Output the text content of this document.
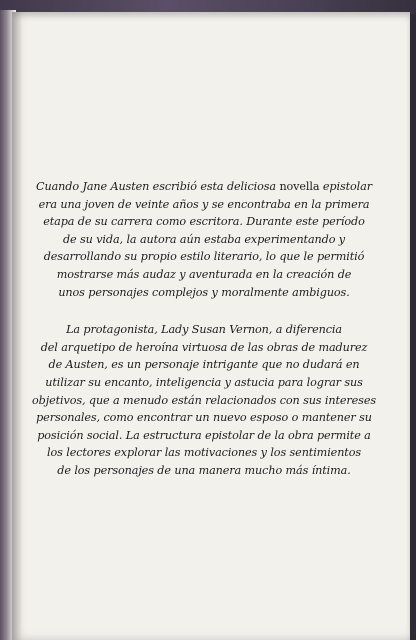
Cuando Jane Austen escribió esta deliciosa novella epistolar
era una joven de veinte años y se encontraba en la primera
etapa de su carrera como escritora. Durante este período
de su vida, la autora aún estaba experimentando y
desarrollando su propio estilo literario, lo que le permitió
mostrarse más audaz y aventurada en la creación de
unos personajes complejos y moralmente ambiguos.

La protagonista, Lady Susan Vernon, a diferencia
del arquetipo de heroína virtuosa de las obras de madurez
de Austen, es un personaje intrigante que no dudará en
utilizar su encanto, inteligencia y astucia para lograr sus
objetivos, que a menudo están relacionados con sus intereses
personales, como encontrar un nuevo esposo o mantener su
posición social. La estructura epistolar de la obra permite a
los lectores explorar las motivaciones y los sentimientos
de los personajes de una manera mucho más íntima.
